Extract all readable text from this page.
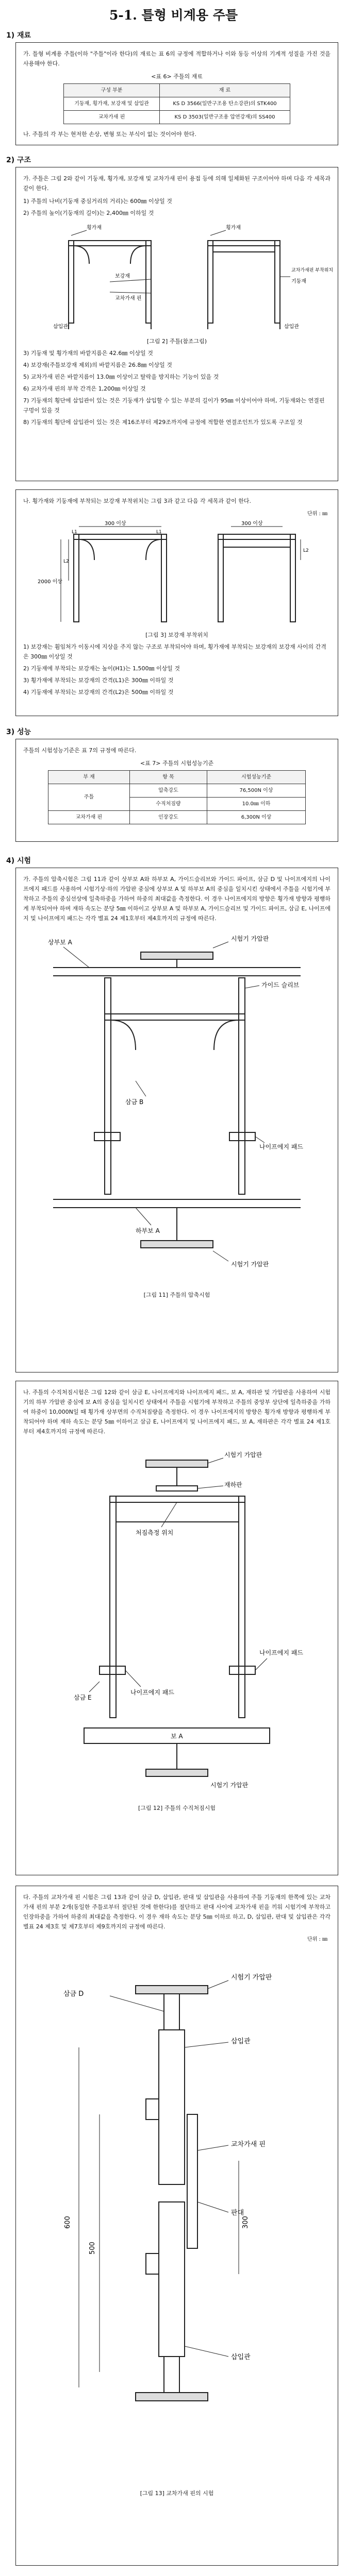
5-1. 틀형 비계용 주틀
1) 재료

가. 틀형 비계용 주틀(이하 "주틀"이라 한다)의 재료는 표 6의 규정에 적합하거나 이와 동등 이상의 기계적 성질을 가진 것을 사용해야 한다.

<표 6> 주틀의 재료
구성 부분	재 료
기둥재, 횡가재, 보강재 및 삽입관	KS D 3566(일반구조용 탄소강관)의 STK400
교차가새 핀	KS D 3503(일반구조용 압연강재)의 SS400

나. 주틀의 각 부는 현저한 손상, 변형 또는 부식이 없는 것이어야 한다.

2) 구조

가. 주틀은 그림 2와 같이 기둥재, 횡가재, 보강재 및 교차가새 핀이 용접 등에 의해 일체화된 구조이어야 하며 다음 각 세목과 같이 한다.

1) 주틀의 나비(기둥재 중심거리의 거리)는 600㎜ 이상일 것

2) 주틀의 높이(기둥재의 길이)는 2,400㎜ 이하일 것

횡가재	횡가재
보강재
교차가새 핀
교차가새핀 부착위치
기둥재
삽입관	삽입관
[그림 2] 주틀(참조그림)

3) 기둥재 및 횡가재의 바깥지름은 42.6㎜ 이상일 것

4) 보강재(주틀보강재 제외)의 바깥지름은 26.8㎜ 이상일 것

5) 교차가새 핀은 바깥지름이 13.0㎜ 이상이고 탈락을 방지하는 기능이 있을 것

6) 교차가새 핀의 부착 간격은 1,200㎜ 이상일 것

7) 기둥재의 횡단에 삽입관이 있는 것은 기둥재가 삽입할 수 있는 부분의 길이가 95㎜ 이상이어야 하며, 기둥재와는 연결핀 구멍이 있을 것

8) 기둥재의 횡단에 삽입관이 있는 것은 제16조부터 제29조까지에 규정에 적합한 연결조인트가 있도록 구조일 것

나. 횡가재와 기둥재에 부착되는 보강재 부착위치는 그림 3과 같고 다음 각 세목과 같이 한다.

단위 : ㎜
300 이상	300 이상
2000 이상
L1	L1
L2
L2
[그림 3] 보강재 부착위치

1) 보강재는 휨임처가 이동시에 지상을 주지 않는 구조로 부착되어야 하며, 횡가재에 부착되는 보강재의 보강재 사이의 간격은 300㎜ 이상일 것

2) 기둥재에 부착되는 보강재는 높이(H1)는 1,500㎜ 이상일 것

3) 횡가재에 부착되는 보강재의 간격(L1)은 300㎜ 이하일 것

4) 기둥재에 부착되는 보강재의 간격(L2)은 500㎜ 이하일 것

3) 성능

주틀의 시험성능기준은 표 7의 규정에 따른다.

<표 7> 주틀의 시험성능기준
부 재	항 목	시험성능기준
주틀	압축강도	76,500N 이상
	수직처짐량	10.0㎜ 이하
교차가새 핀	인장강도	6,300N 이상
4) 시험

가. 주틀의 압축시험은 그림 11과 같이 상부보 A와 하부보 A, 가이드슬리브와 가이드 파이프, 삼금 D 및 나이프에지의 나이프에지 패드를 사용하여 시험기상·하의 가압판 중심에 상부보 A 및 하부보 A의 중심을 일치시킨 상태에서 주틀을 시험기에 부착하고 주틀의 중심선상에 일축하중을 가하여 하중의 최대값을 측정한다. 이 경우 나이프에지의 방향은 횡가재 방향과 평행하게 부착되어야 하며 재하 속도는 분당 5㎜ 이하이고 상부보 A 및 하부보 A, 가이드슬리브 및 가이드 파이프, 삼금 E, 나이프에지 및 나이프에지 패드는 각각 별표 24 제1호부터 제4호까지의 규정에 따른다.

상부보 A	시험기 가압판
가이드 슬리브
삼금 B
나이프에지 패드
하부보 A
시험기 가압판
[그림 11] 주틀의 압축시험

나. 주틀의 수직처짐시험은 그림 12와 같이 삼금 E, 나이프에지와 나이프에지 패드, 보 A, 재하판 및 가압판을 사용하여 시험기의 하부 가압판 중심에 보 A의 중심을 일치시킨 상태에서 주틀을 시험기에 부착하고 주틀의 중앙부 상단에 일측하중을 가하여 하중이 10,000N일 때 횡가재 상부면의 수직처짐량을 측정한다. 이 경우 나이프에지의 방향은 횡가재 방향과 평행하게 부착되어야 하며 재하 속도는 분당 5㎜ 이하이고 삼금 E, 나이프에지 및 나이프에지 패드, 보 A, 재하판은 각각 별표 24 제1호부터 제4호까지의 규정에 따른다.

시험기 가압판
재하판
처짐측정 위치
삼금 E
나이프에지 패드
나이프에지 패드
보 A
시험기 가압판
[그림 12] 주틀의 수직처짐시험

다. 주틀의 교차가새 핀 시험은 그림 13과 같이 삼금 D, 삽입관, 판대 및 삽입관을 사용하여 주틀 기둥재의 한쪽에 있는 교차가새 핀의 부분 2개(동일한 주틀로부터 절단된 것에 한한다)를 절단하고 판대 사이에 교차가새 핀을 끼워 시험기에 부착하고 인장하중을 가하여 하중의 최대값을 측정한다. 이 경우 재하 속도는 분당 5㎜ 이하로 하고, D, 삽입관, 판대 및 삽입관은 각각 별표 24 제3호 및 제7호부터 제9호까지의 규정에 따른다.

단위 : ㎜
삼금 D
시험기 가압판
삽입관
교차가새 핀
판대
삽입관
600
500
300
[그림 13] 교차가새 핀의 시험
